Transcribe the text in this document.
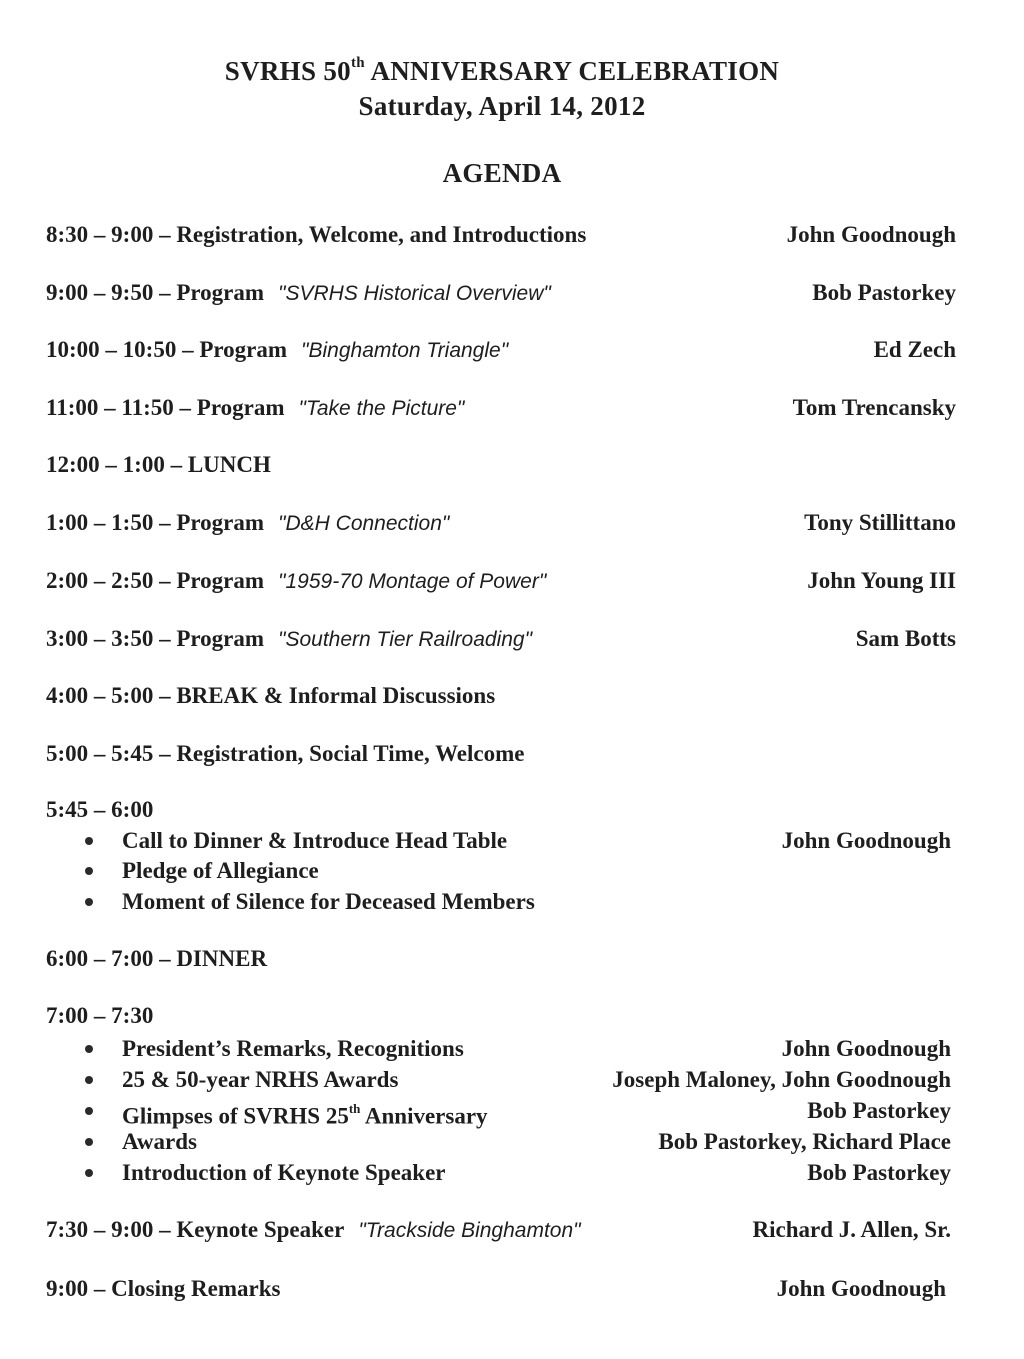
SVRHS 50th ANNIVERSARY CELEBRATION
Saturday, April 14, 2012
AGENDA
8:30 – 9:00 – Registration, Welcome, and Introductions	John Goodnough
9:00 – 9:50 – Program "SVRHS Historical Overview"	Bob Pastorkey
10:00 – 10:50 – Program "Binghamton Triangle"	Ed Zech
11:00 – 11:50 – Program "Take the Picture"	Tom Trencansky
12:00 – 1:00 – LUNCH
1:00 – 1:50 – Program "D&H Connection"	Tony Stillittano
2:00 – 2:50 – Program "1959-70 Montage of Power"	John Young III
3:00 – 3:50 – Program "Southern Tier Railroading"	Sam Botts
4:00 – 5:00 – BREAK & Informal Discussions
5:00 – 5:45 – Registration, Social Time, Welcome
5:45 – 6:00
Call to Dinner & Introduce Head Table	John Goodnough
Pledge of Allegiance
Moment of Silence for Deceased Members
6:00 – 7:00 – DINNER
7:00 – 7:30
President’s Remarks, Recognitions	John Goodnough
25 & 50-year NRHS Awards	Joseph Maloney, John Goodnough
Glimpses of SVRHS 25th Anniversary	Bob Pastorkey
Awards	Bob Pastorkey, Richard Place
Introduction of Keynote Speaker	Bob Pastorkey
7:30 – 9:00 – Keynote Speaker "Trackside Binghamton"	Richard J. Allen, Sr.
9:00 – Closing Remarks	John Goodnough
